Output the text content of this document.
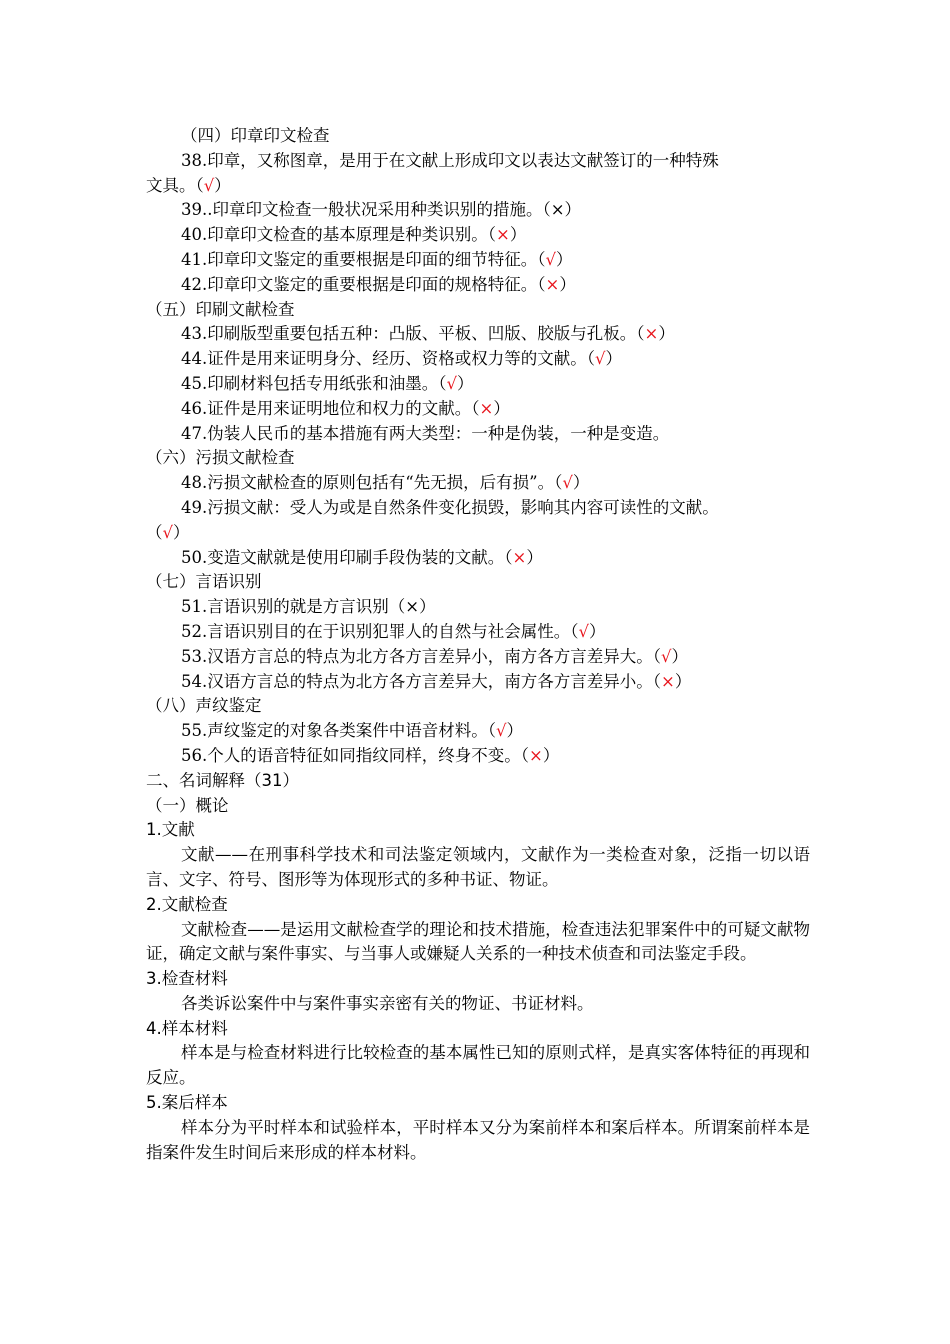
（四）印章印文检查
38.印章，又称图章，是用于在文献上形成印文以表达文献签订的一种特殊
文具。（√）
39..印章印文检查一般状况采用种类识别的措施。（×）
40.印章印文检查的基本原理是种类识别。（×）
41.印章印文鉴定的重要根据是印面的细节特征。（√）
42.印章印文鉴定的重要根据是印面的规格特征。（×）
（五）印刷文献检查
43.印刷版型重要包括五种：凸版、平板、凹版、胶版与孔板。（×）
44.证件是用来证明身分、经历、资格或权力等的文献。（√）
45.印刷材料包括专用纸张和油墨。（√）
46.证件是用来证明地位和权力的文献。（×）
47.伪装人民币的基本措施有两大类型：一种是伪装，一种是变造。
（六）污损文献检查
48.污损文献检查的原则包括有“先无损，后有损”。（√）
49.污损文献：受人为或是自然条件变化损毁，影响其内容可读性的文献。
（√）
50.变造文献就是使用印刷手段伪装的文献。（×）
（七）言语识别
51.言语识别的就是方言识别（×）
52.言语识别目的在于识别犯罪人的自然与社会属性。（√）
53.汉语方言总的特点为北方各方言差异小，南方各方言差异大。（√）
54.汉语方言总的特点为北方各方言差异大，南方各方言差异小。（×）
（八）声纹鉴定
55.声纹鉴定的对象各类案件中语音材料。（√）
56.个人的语音特征如同指纹同样，终身不变。（×）
二、名词解释（31）
（一）概论
1.文献
文献——在刑事科学技术和司法鉴定领域内，文献作为一类检查对象，泛指一切以语言、文字、符号、图形等为体现形式的多种书证、物证。
2.文献检查
文献检查——是运用文献检查学的理论和技术措施，检查违法犯罪案件中的可疑文献物证，确定文献与案件事实、与当事人或嫌疑人关系的一种技术侦查和司法鉴定手段。
3.检查材料
各类诉讼案件中与案件事实亲密有关的物证、书证材料。
4.样本材料
样本是与检查材料进行比较检查的基本属性已知的原则式样，是真实客体特征的再现和反应。
5.案后样本
样本分为平时样本和试验样本，平时样本又分为案前样本和案后样本。所谓案前样本是指案件发生时间后来形成的样本材料。
